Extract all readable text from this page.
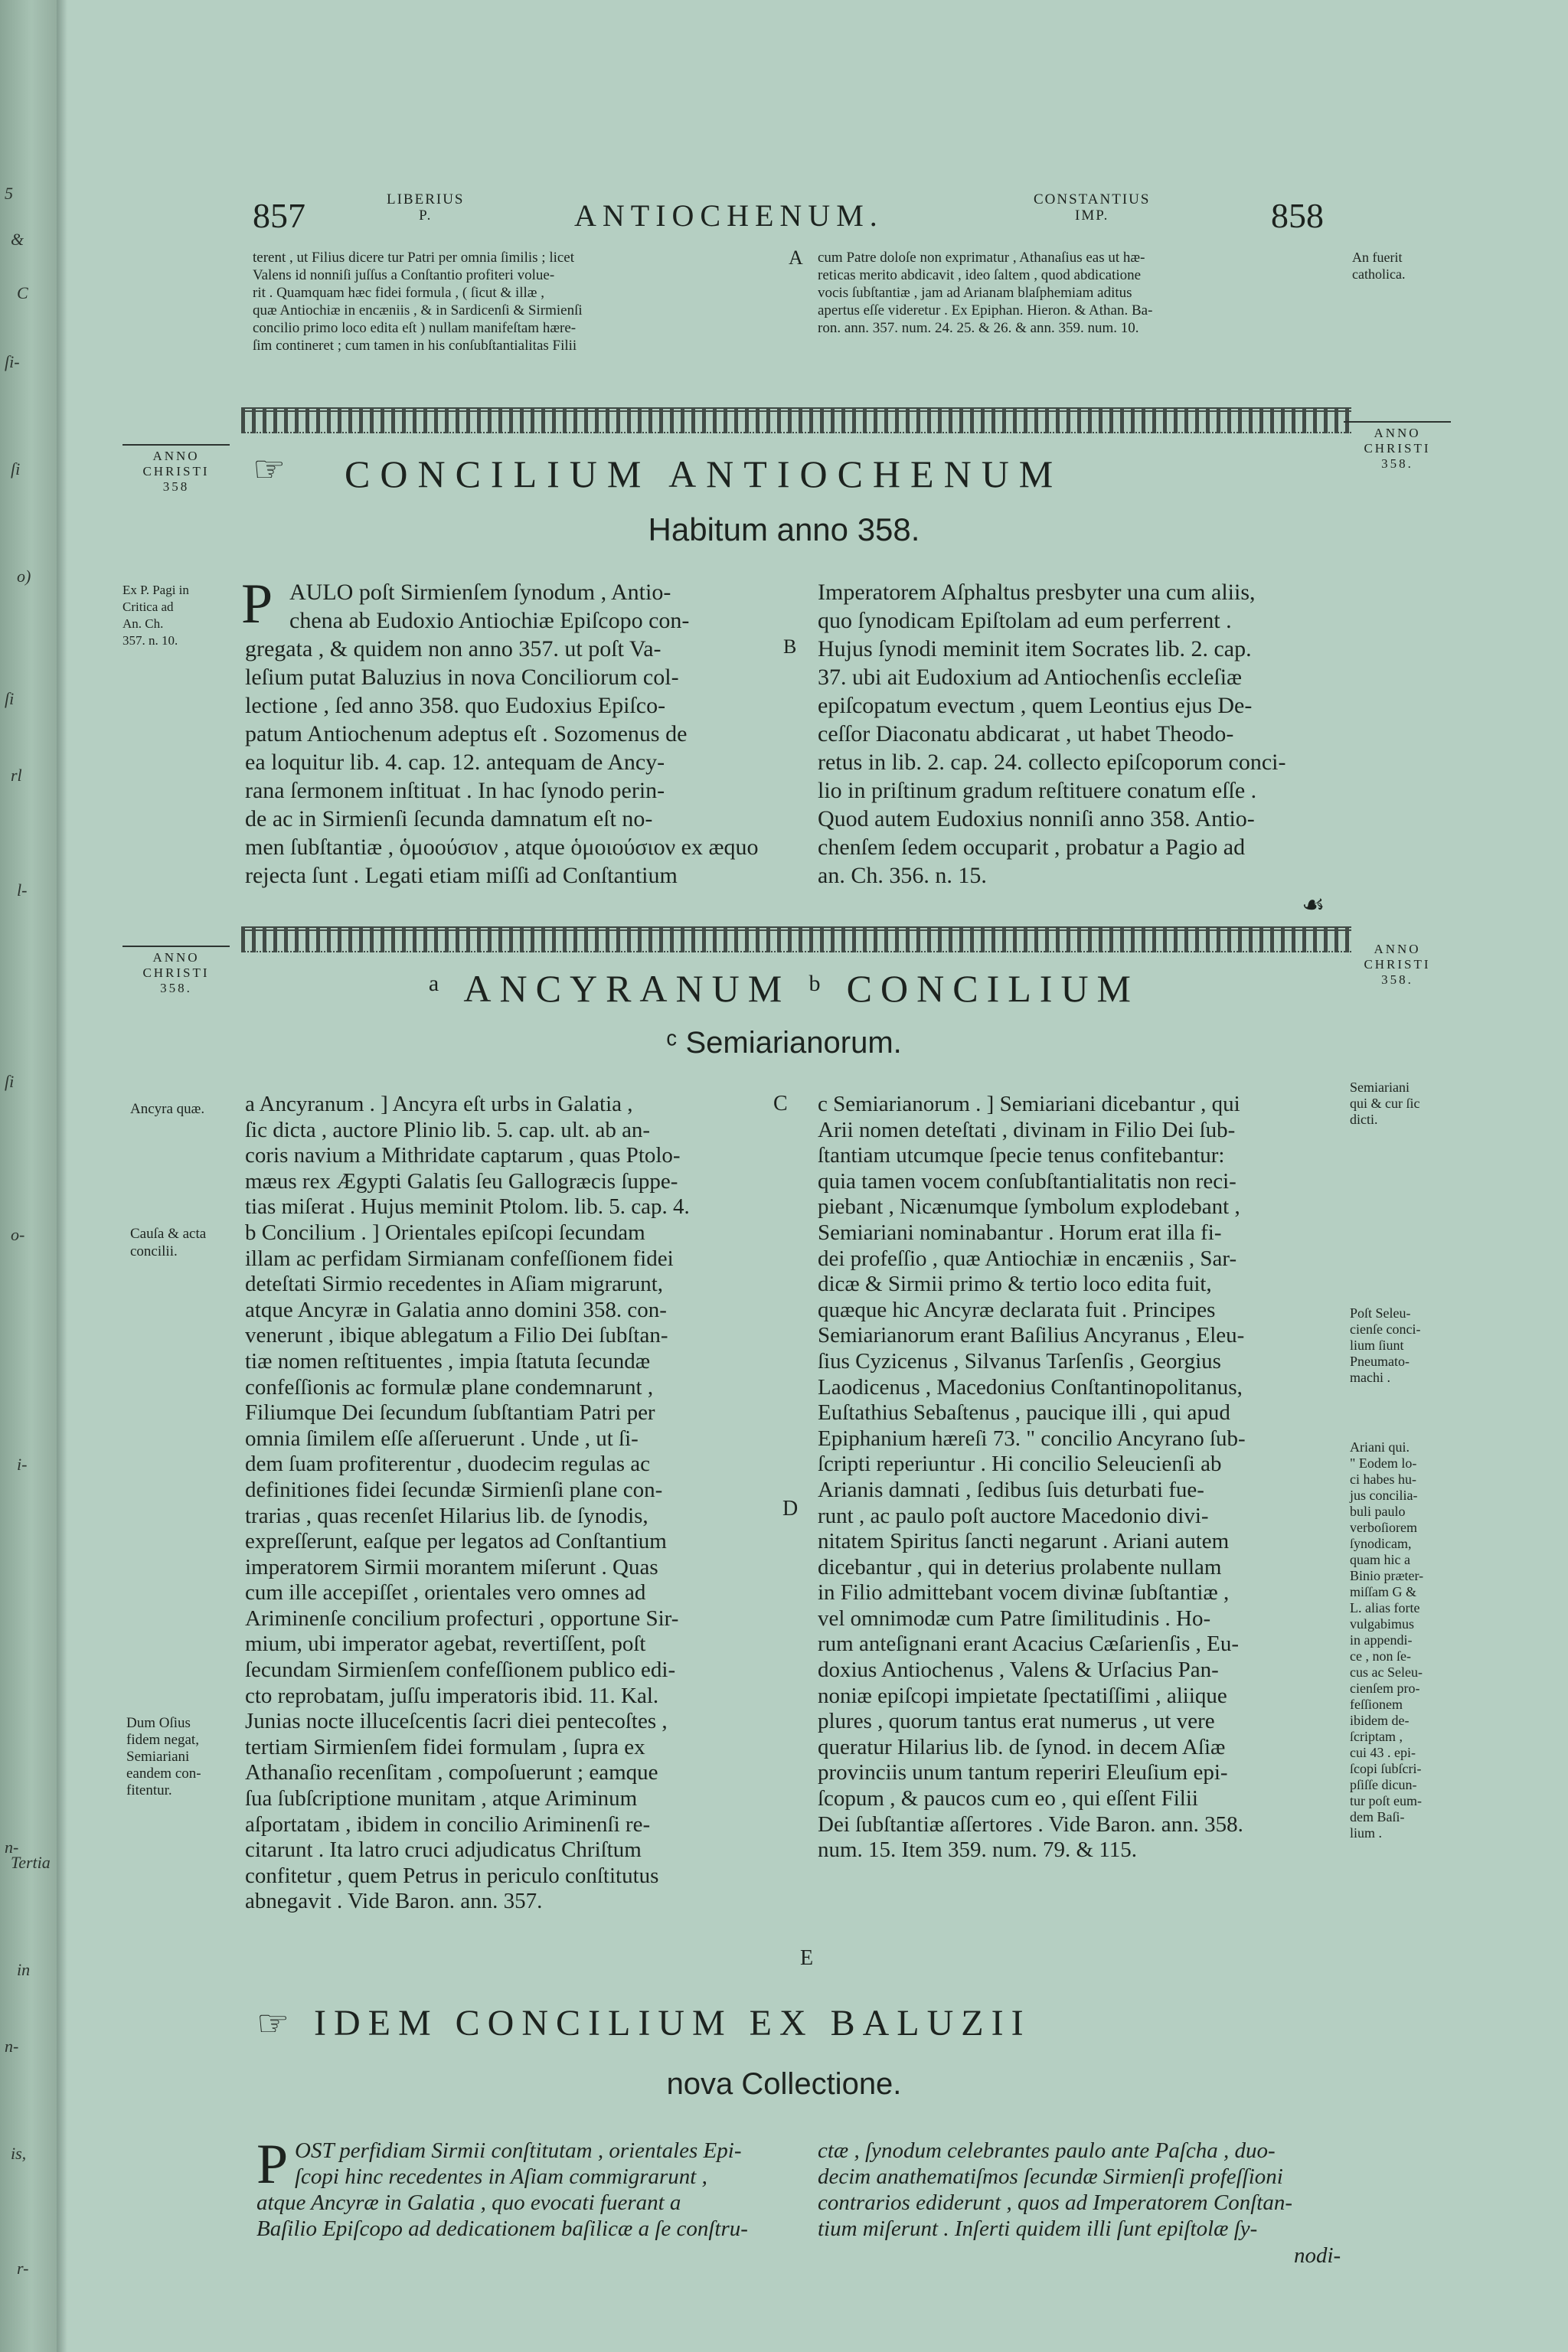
5
&
C
ſi-
ſi
o)
ſi
rl
l-
ſi
o-
i-
n-
Tertia
in
n-
is,
r-
857	LIBERIUS
P.	ANTIOCHENUM.	CONSTANTIUS
IMP.	858
terent , ut Filius dicere tur Patri per omnia ſimilis ; licet
Valens id nonniſi juſſus a Conſtantio profiteri volue-
rit . Quamquam hæc fidei formula , ( ſicut & illæ ,
quæ Antiochiæ in encæniis , & in Sardicenſi & Sirmienſi
concilio primo loco edita eſt ) nullam manifeſtam hære-
ſim contineret ; cum tamen in his conſubſtantialitas Filii
A cum Patre doloſe non exprimatur , Athanaſius eas ut hæ-
reticas merito abdicavit , ideo ſaltem , quod abdicatione
vocis ſubſtantiæ , jam ad Arianam blaſphemiam aditus
apertus eſſe videretur . Ex Epiphan. Hieron. & Athan. Ba-
ron. ann. 357. num. 24. 25. & 26. & ann. 359. num. 10.
An fuerit
catholica.
ANNO
CHRISTI
358
ANNO
CHRISTI
358.
☞ CONCILIUM ANTIOCHENUM
Habitum anno 358.
Ex P. Pagi in
Critica ad
An. Ch.
357. n. 10.
P AULO poſt Sirmienſem ſynodum , Antio-
chena ab Eudoxio Antiochiæ Epiſcopo con-
gregata , & quidem non anno 357. ut poſt Va-
leſium putat Baluzius in nova Conciliorum col-
lectione , ſed anno 358. quo Eudoxius Epiſco-
patum Antiochenum adeptus eſt . Sozomenus de
ea loquitur lib. 4. cap. 12. antequam de Ancy-
rana ſermonem inſtituat . In hac ſynodo perin-
de ac in Sirmienſi ſecunda damnatum eſt no-
men ſubſtantiæ , ὁμοούσιον , atque ὁμοιούσιον ex æquo
rejecta ſunt . Legati etiam miſſi ad Conſtantium
B
Imperatorem Aſphaltus presbyter una cum aliis,
quo ſynodicam Epiſtolam ad eum perferrent .
Hujus ſynodi meminit item Socrates lib. 2. cap.
37. ubi ait Eudoxium ad Antiochenſis eccleſiæ
epiſcopatum evectum , quem Leontius ejus De-
ceſſor Diaconatu abdicarat , ut habet Theodo-
retus in lib. 2. cap. 24. collecto epiſcoporum conci-
lio in priſtinum gradum reſtituere conatum eſſe .
Quod autem Eudoxius nonniſi anno 358. Antio-
chenſem ſedem occuparit , probatur a Pagio ad
an. Ch. 356. n. 15.
☙
ANNO
CHRISTI
358.
ANNO
CHRISTI
358.
ᵃ ANCYRANUM ᵇ CONCILIUM
ᶜ Semiarianorum.
Ancyra quæ.
Cauſa & acta
concilii.
Dum Oſius
fidem negat,
Semiariani
eandem con-
fitentur.
a Ancyranum . ] Ancyra eſt urbs in Galatia ,
ſic dicta , auctore Plinio lib. 5. cap. ult. ab an-
coris navium a Mithridate captarum , quas Ptolo-
mæus rex Ægypti Galatis ſeu Gallogræcis ſuppe-
tias miſerat . Hujus meminit Ptolom. lib. 5. cap. 4.
b Concilium . ] Orientales epiſcopi ſecundam
illam ac perfidam Sirmianam confeſſionem fidei
deteſtati Sirmio recedentes in Aſiam migrarunt,
atque Ancyræ in Galatia anno domini 358. con-
venerunt , ibique ablegatum a Filio Dei ſubſtan-
tiæ nomen reſtituentes , impia ſtatuta ſecundæ
confeſſionis ac formulæ plane condemnarunt ,
Filiumque Dei ſecundum ſubſtantiam Patri per
omnia ſimilem eſſe aſſeruerunt . Unde , ut ſi-
dem ſuam profiterentur , duodecim regulas ac
definitiones fidei ſecundæ Sirmienſi plane con-
trarias , quas recenſet Hilarius lib. de ſynodis,
expreſſerunt, eaſque per legatos ad Conſtantium
imperatorem Sirmii morantem miſerunt . Quas
cum ille accepiſſet , orientales vero omnes ad
Ariminenſe concilium profecturi , opportune Sir-
mium, ubi imperator agebat, revertiſſent, poſt
ſecundam Sirmienſem confeſſionem publico edi-
cto reprobatam, juſſu imperatoris ibid. 11. Kal.
Junias nocte illuceſcentis ſacri diei pentecoſtes ,
tertiam Sirmienſem fidei formulam , ſupra ex
Athanaſio recenſitam , compoſuerunt ; eamque
ſua ſubſcriptione munitam , atque Ariminum
aſportatam , ibidem in concilio Ariminenſi re-
citarunt . Ita latro cruci adjudicatus Chriſtum
confitetur , quem Petrus in periculo conſtitutus
abnegavit . Vide Baron. ann. 357.
C
D
E
c Semiarianorum . ] Semiariani dicebantur , qui
Arii nomen deteſtati , divinam in Filio Dei ſub-
ſtantiam utcumque ſpecie tenus confitebantur:
quia tamen vocem conſubſtantialitatis non reci-
piebant , Nicænumque ſymbolum explodebant ,
Semiariani nominabantur . Horum erat illa fi-
dei profeſſio , quæ Antiochiæ in encæniis , Sar-
dicæ & Sirmii primo & tertio loco edita fuit,
quæque hic Ancyræ declarata fuit . Principes
Semiarianorum erant Baſilius Ancyranus , Eleu-
ſius Cyzicenus , Silvanus Tarſenſis , Georgius
Laodicenus , Macedonius Conſtantinopolitanus,
Euſtathius Sebaſtenus , paucique illi , qui apud
Epiphanium hæreſi 73. " concilio Ancyrano ſub-
ſcripti reperiuntur . Hi concilio Seleucienſi ab
Arianis damnati , ſedibus ſuis deturbati fue-
runt , ac paulo poſt auctore Macedonio divi-
nitatem Spiritus ſancti negarunt . Ariani autem
dicebantur , qui in deterius prolabente nullam
in Filio admittebant vocem divinæ ſubſtantiæ ,
vel omnimodæ cum Patre ſimilitudinis . Ho-
rum anteſignani erant Acacius Cæſarienſis , Eu-
doxius Antiochenus , Valens & Urſacius Pan-
noniæ epiſcopi impietate ſpectatiſſimi , aliique
plures , quorum tantus erat numerus , ut vere
queratur Hilarius lib. de ſynod. in decem Aſiæ
provinciis unum tantum reperiri Eleuſium epi-
ſcopum , & paucos cum eo , qui eſſent Filii
Dei ſubſtantiæ aſſertores . Vide Baron. ann. 358.
num. 15. Item 359. num. 79. & 115.
Semiariani
qui & cur ſic
dicti.
Poſt Seleu-
cienſe conci-
lium ſiunt
Pneumato-
machi .
Ariani qui.
" Eodem lo-
ci habes hu-
jus concilia-
buli paulo
verboſiorem
ſynodicam,
quam hic a
Binio præter-
miſſam G &
L. alias forte
vulgabimus
in appendi-
ce , non ſe-
cus ac Seleu-
cienſem pro-
feſſionem
ibidem de-
ſcriptam ,
cui 43 . epi-
ſcopi ſubſcri-
pſiſſe dicun-
tur poſt eum-
dem Baſi-
lium .
☞ IDEM CONCILIUM EX BALUZII
nova Collectione.
P OST perfidiam Sirmii conſtitutam , orientales Epi-
ſcopi hinc recedentes in Aſiam commigrarunt ,
atque Ancyræ in Galatia , quo evocati fuerant a
Baſilio Epiſcopo ad dedicationem baſilicæ a ſe conſtru-
ctæ , ſynodum celebrantes paulo ante Paſcha , duo-
decim anathematiſmos ſecundæ Sirmienſi profeſſioni
contrarios ediderunt , quos ad Imperatorem Conſtan-
tium miſerunt . Inſerti quidem illi ſunt epiſtolæ ſy-
nodi-
